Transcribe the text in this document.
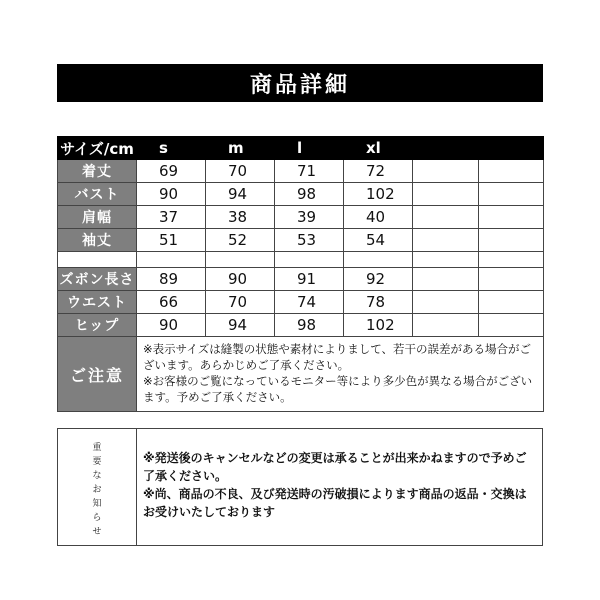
商品詳細
サイズ/cm	s	m	l	xl		
着丈	69	70	71	72		
バスト	90	94	98	102		
肩幅	37	38	39	40		
袖丈	51	52	53	54		

ズボン長さ	89	90	91	92		
ウエスト	66	70	74	78		
ヒップ	90	94	98	102		
ご注意	※表示サイズは縫製の状態や素材によりまして、若干の誤差がある場合がございます。あらかじめご了承ください。
※お客様のご覧になっているモニター等により多少色が異なる場合がございます。予めご了承ください。					
重
要
な
お
知
ら
せ
※発送後のキャンセルなどの変更は承ることが出来かねますので予めご了承ください。
※尚、商品の不良、及び発送時の汚破損によります商品の返品・交換はお受けいたしております
